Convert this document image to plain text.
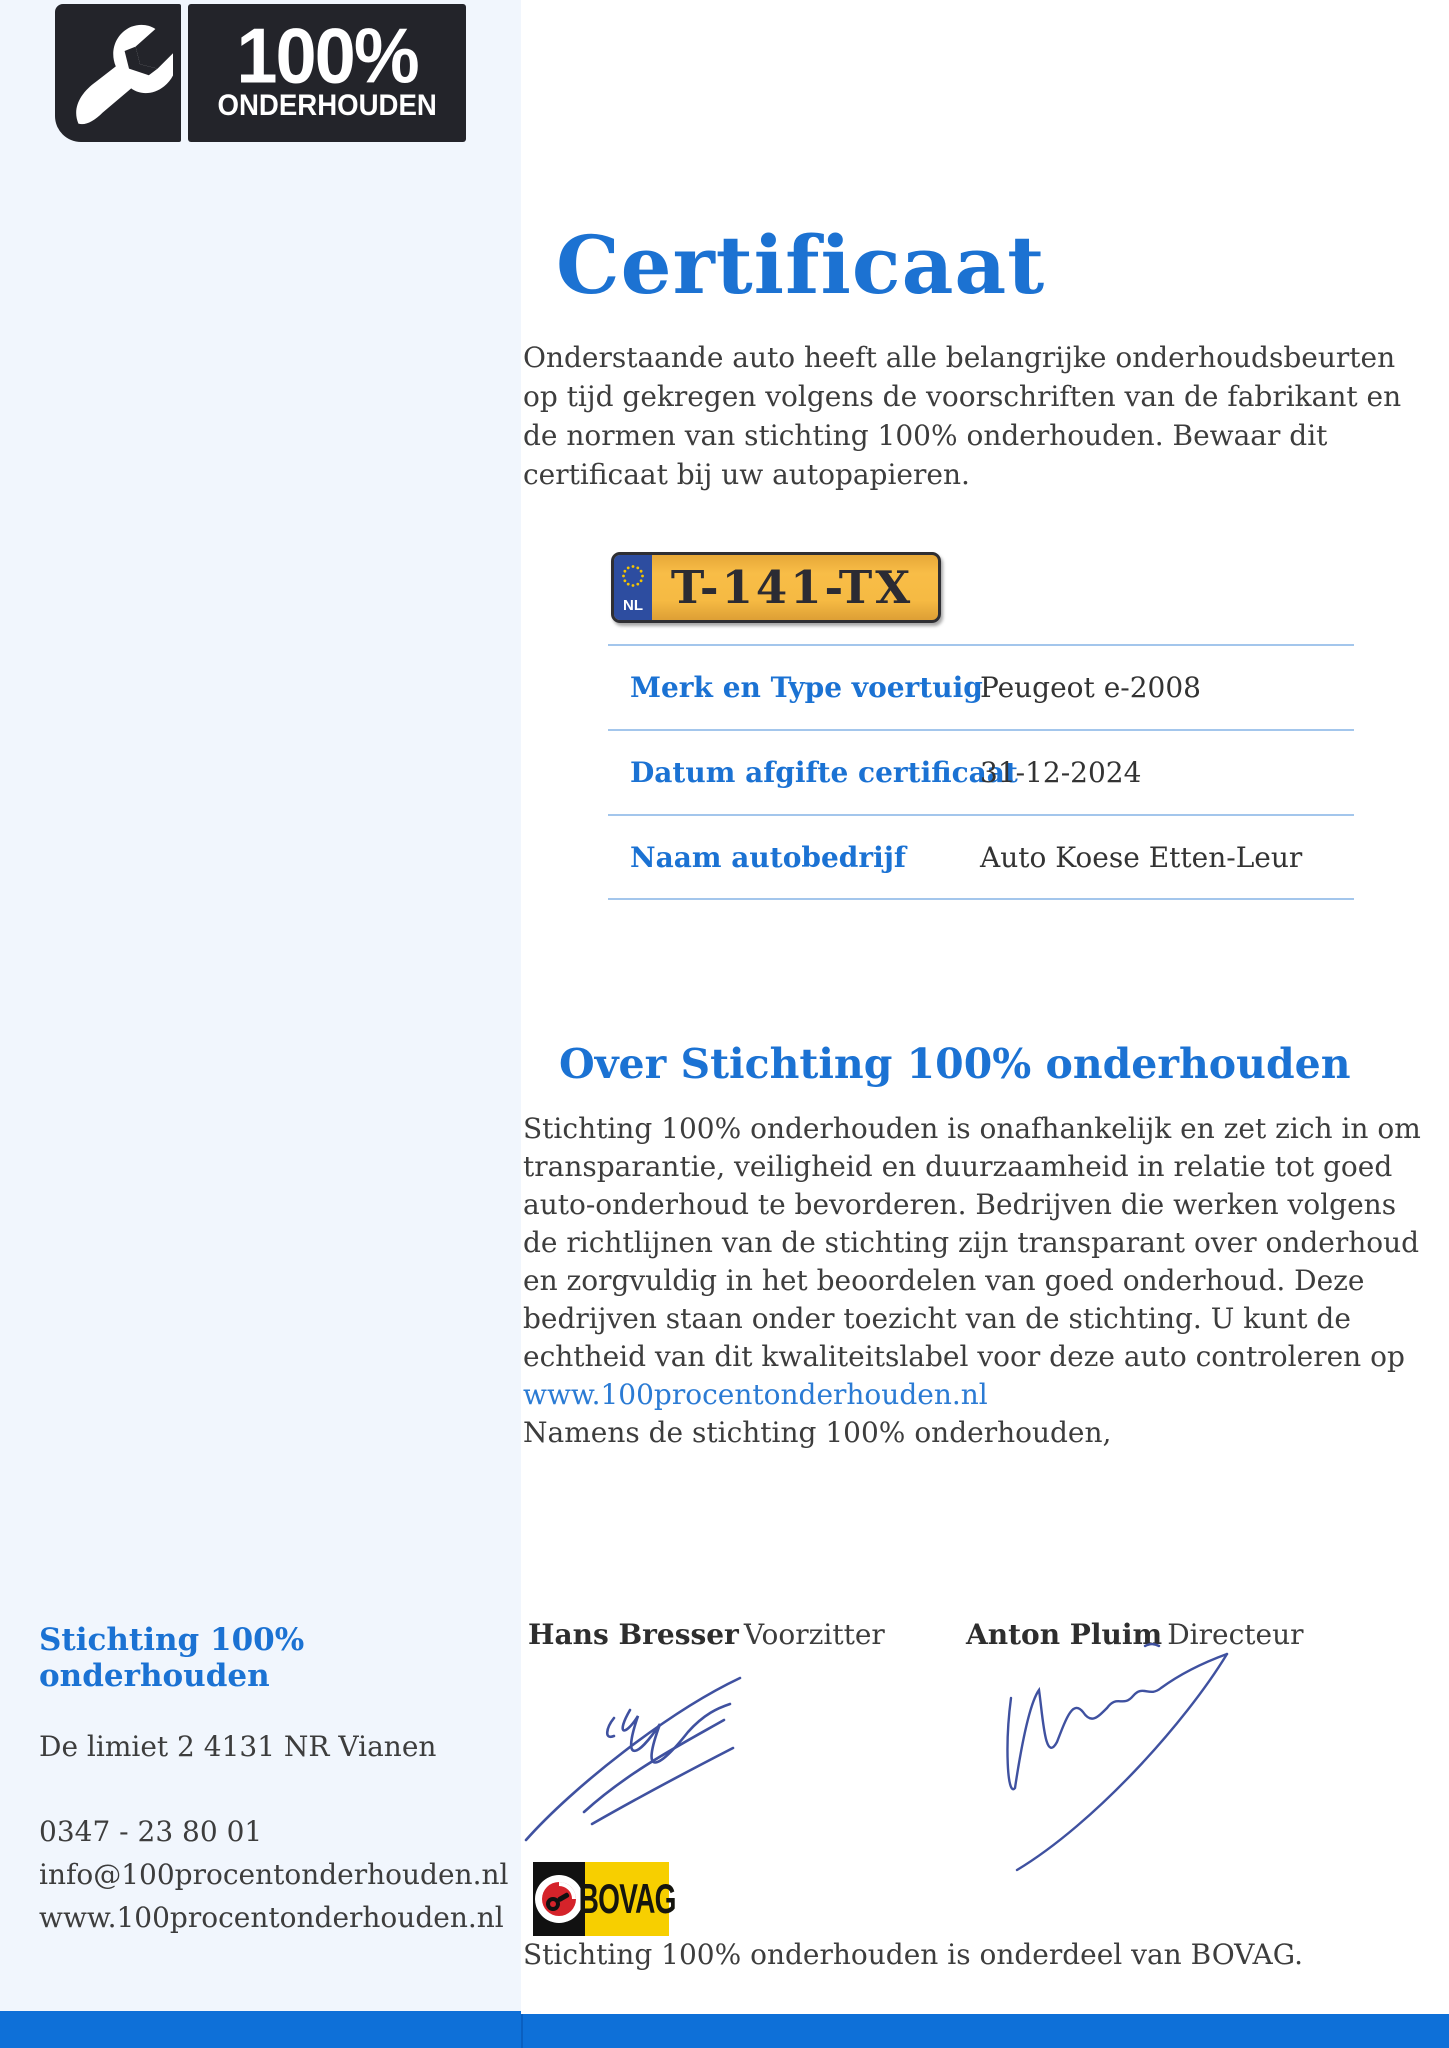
100%
ONDERHOUDEN
Certificaat

Onderstaande auto heeft alle belangrijke onderhoudsbeurten op tijd gekregen volgens de voorschriften van de fabrikant en de normen van stichting 100% onderhouden. Bewaar dit certificaat bij uw autopapieren.

NL T-141-TX
Merk en Type voertuig
Peugeot e-2008
Datum afgifte certificaat
31-12-2024
Naam autobedrijf	Auto Koese Etten-Leur
Over Stichting 100% onderhouden
Stichting 100% onderhouden is onafhankelijk en zet zich in om transparantie, veiligheid en duurzaamheid in relatie tot goed auto-onderhoud te bevorderen. Bedrijven die werken volgens de richtlijnen van de stichting zijn transparant over onderhoud en zorgvuldig in het beoordelen van goed onderhoud. Deze bedrijven staan onder toezicht van de stichting. U kunt de echtheid van dit kwaliteitslabel voor deze auto controleren op www.100procentonderhouden.nl
Namens de stichting 100% onderhouden,
Stichting 100% onderhouden
De limiet 2 4131 NR Vianen
0347 - 23 80 01
info@100procentonderhouden.nl
www.100procentonderhouden.nl
Hans Bresser Voorzitter	Anton Pluim Directeur
BOVAG
Stichting 100% onderhouden is onderdeel van BOVAG.
